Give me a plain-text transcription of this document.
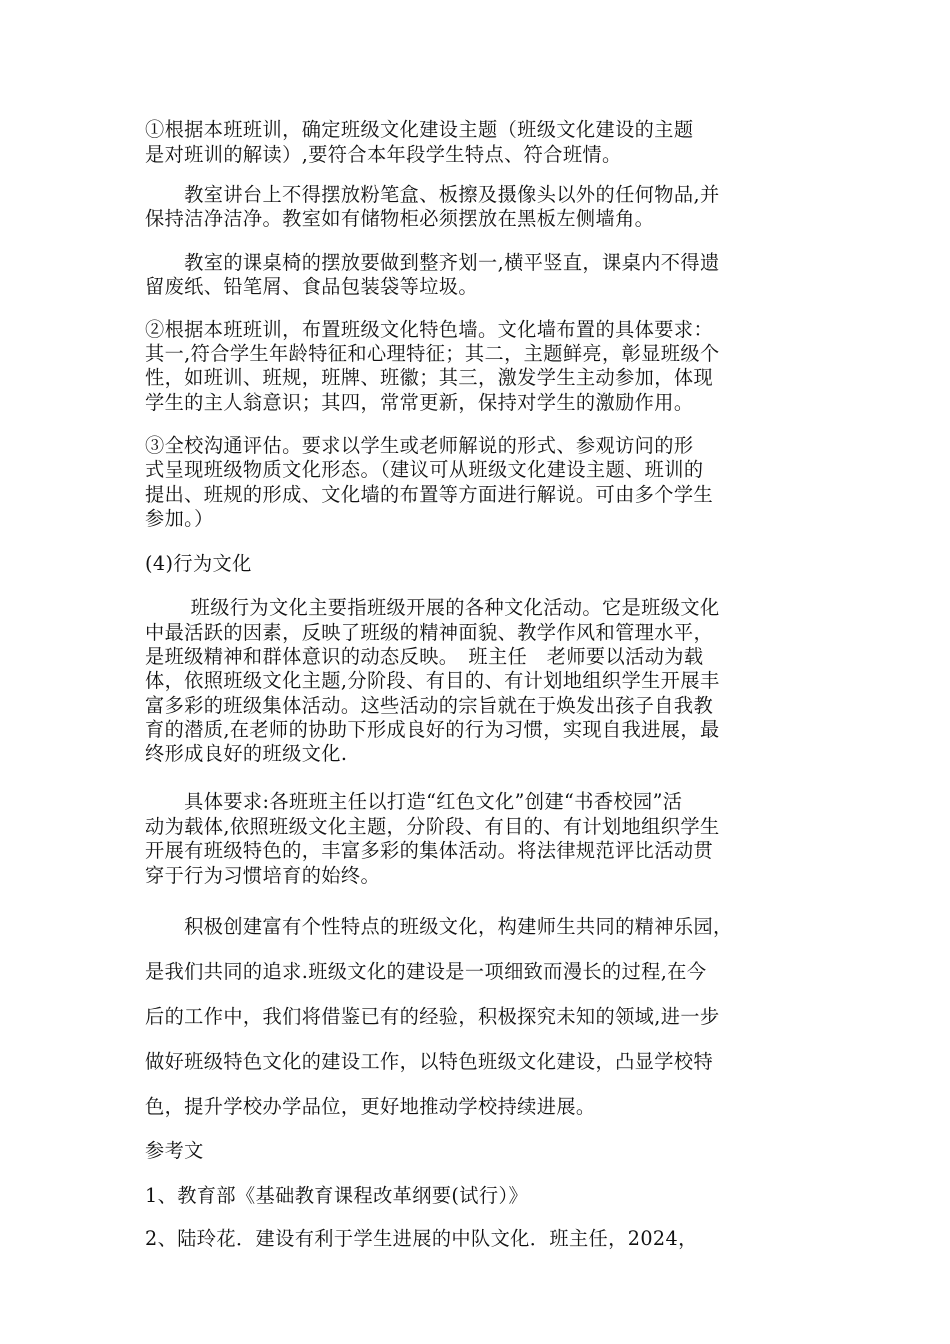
①根据本班班训，确定班级文化建设主题（班级文化建设的主题
是对班训的解读）,要符合本年段学生特点、符合班情。
　　教室讲台上不得摆放粉笔盒、板擦及摄像头以外的任何物品,并
保持洁净洁净。教室如有储物柜必须摆放在黑板左侧墙角。
　　教室的课桌椅的摆放要做到整齐划一,横平竖直，课桌内不得遗
留废纸、铅笔屑、食品包装袋等垃圾。
②根据本班班训，布置班级文化特色墙。文化墙布置的具体要求：
其一,符合学生年龄特征和心理特征；其二，主题鲜亮，彰显班级个
性，如班训、班规，班牌、班徽；其三，激发学生主动参加，体现
学生的主人翁意识；其四，常常更新，保持对学生的激励作用。
③全校沟通评估。要求以学生或老师解说的形式、参观访问的形
式呈现班级物质文化形态。（建议可从班级文化建设主题、班训的
提出、班规的形成、文化墙的布置等方面进行解说。可由多个学生
参加。）
(4)行为文化
　　 班级行为文化主要指班级开展的各种文化活动。它是班级文化
中最活跃的因素，反映了班级的精神面貌、教学作风和管理水平，
是班级精神和群体意识的动态反映。　班主任　老师要以活动为载
体，依照班级文化主题,分阶段、有目的、有计划地组织学生开展丰
富多彩的班级集体活动。这些活动的宗旨就在于焕发出孩子自我教
育的潜质,在老师的协助下形成良好的行为习惯，实现自我进展，最
终形成良好的班级文化.
　　具体要求:各班班主任以打造“红色文化”创建“书香校园”活
动为载体,依照班级文化主题，分阶段、有目的、有计划地组织学生
开展有班级特色的，丰富多彩的集体活动。将法律规范评比活动贯
穿于行为习惯培育的始终。
　　积极创建富有个性特点的班级文化，构建师生共同的精神乐园，
是我们共同的追求.班级文化的建设是一项细致而漫长的过程,在今
后的工作中，我们将借鉴已有的经验，积极探究未知的领域,进一步
做好班级特色文化的建设工作，以特色班级文化建设，凸显学校特
色，提升学校办学品位，更好地推动学校持续进展。
参考文
1、教育部《基础教育课程改革纲要(试行）》
2、陆玲花．建设有利于学生进展的中队文化．班主任，2024，
